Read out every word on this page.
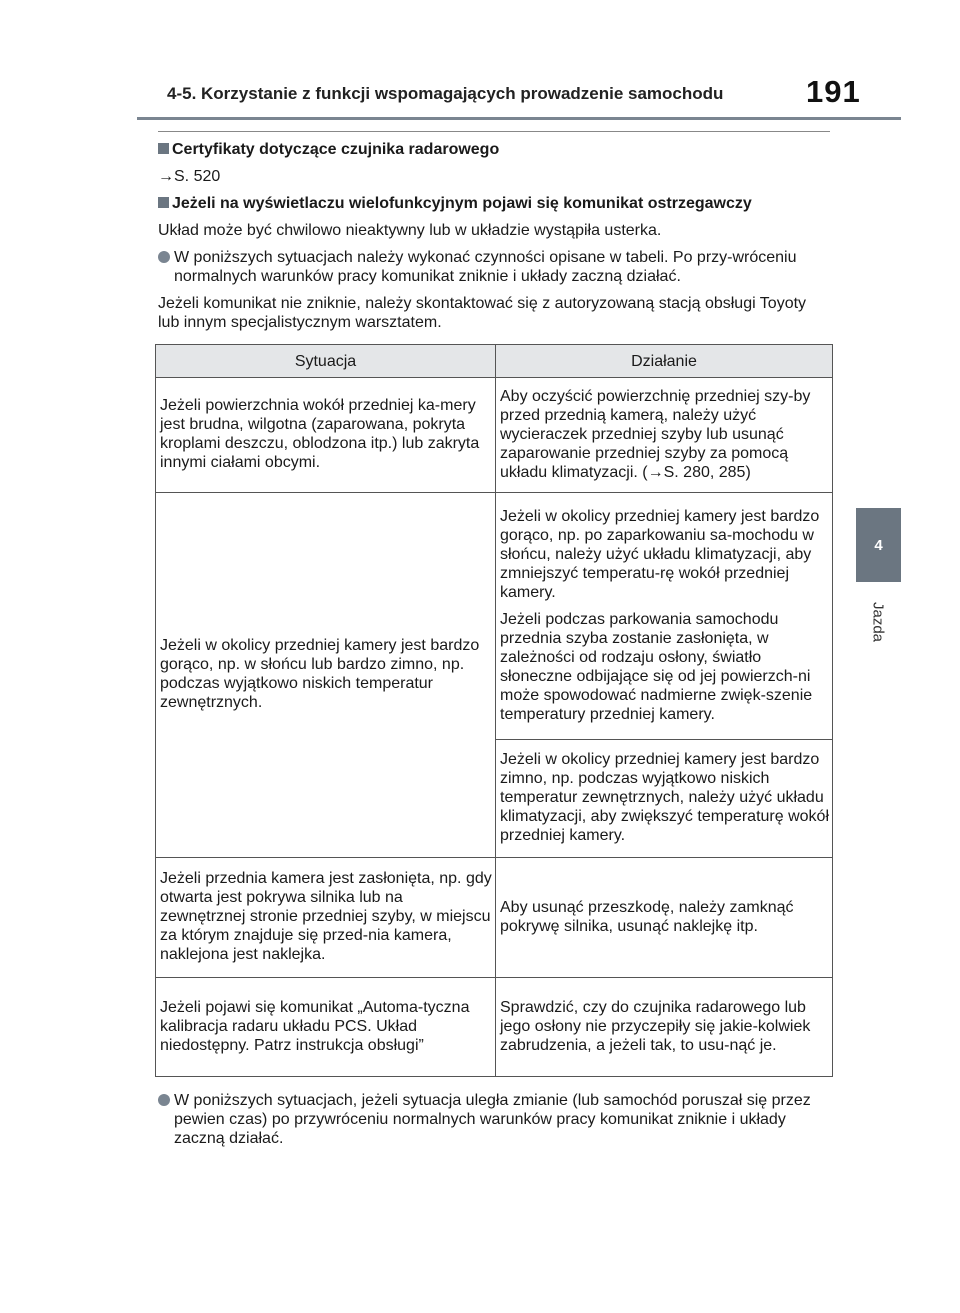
4-5. Korzystanie z funkcji wspomagających prowadzenie samochodu	191
4
Jazda
Certyfikaty dotyczące czujnika radarowego
→S. 520
Jeżeli na wyświetlaczu wielofunkcyjnym pojawi się komunikat ostrzegawczy

Układ może być chwilowo nieaktywny lub w układzie wystąpiła usterka.

W poniższych sytuacjach należy wykonać czynności opisane w tabeli. Po przy-wróceniu normalnych warunków pracy komunikat zniknie i układy zaczną działać.

Jeżeli komunikat nie zniknie, należy skontaktować się z autoryzowaną stacją obsługi Toyoty lub innym specjalistycznym warsztatem.

Sytuacja	Działanie
Jeżeli powierzchnia wokół przedniej ka-mery jest brudna, wilgotna (zaparowana, pokryta kroplami deszczu, oblodzona itp.) lub zakryta innymi ciałami obcymi.	Aby oczyścić powierzchnię przedniej szy-by przed przednią kamerą, należy użyć wycieraczek przedniej szyby lub usunąć zaparowanie przedniej szyby za pomocą układu klimatyzacji. (→S. 280, 285)
Jeżeli w okolicy przedniej kamery jest bardzo gorąco, np. w słońcu lub bardzo zimno, np. podczas wyjątkowo niskich temperatur zewnętrznych.	Jeżeli w okolicy przedniej kamery jest bardzo gorąco, np. po zaparkowaniu sa-mochodu w słońcu, należy użyć układu klimatyzacji, aby zmniejszyć temperatu-rę wokół przedniej kamery.

Jeżeli podczas parkowania samochodu przednia szyba zostanie zasłonięta, w zależności od rodzaju osłony, światło słoneczne odbijające się od jej powierzch-ni może spowodować nadmierne zwięk-szenie temperatury przedniej kamery.

	Jeżeli w okolicy przedniej kamery jest bardzo zimno, np. podczas wyjątkowo niskich temperatur zewnętrznych, należy użyć układu klimatyzacji, aby zwiększyć temperaturę wokół przedniej kamery.
Jeżeli przednia kamera jest zasłonięta, np. gdy otwarta jest pokrywa silnika lub na zewnętrznej stronie przedniej szyby, w miejscu za którym znajduje się przed-nia kamera, naklejona jest naklejka.	Aby usunąć przeszkodę, należy zamknąć pokrywę silnika, usunąć naklejkę itp.
Jeżeli pojawi się komunikat „Automa-tyczna kalibracja radaru układu PCS. Układ niedostępny. Patrz instrukcja obsługi”	Sprawdzić, czy do czujnika radarowego lub jego osłony nie przyczepiły się jakie-kolwiek zabrudzenia, a jeżeli tak, to usu-nąć je.
W poniższych sytuacjach, jeżeli sytuacja uległa zmianie (lub samochód poruszał się przez pewien czas) po przywróceniu normalnych warunków pracy komunikat zniknie i układy zaczną działać.
